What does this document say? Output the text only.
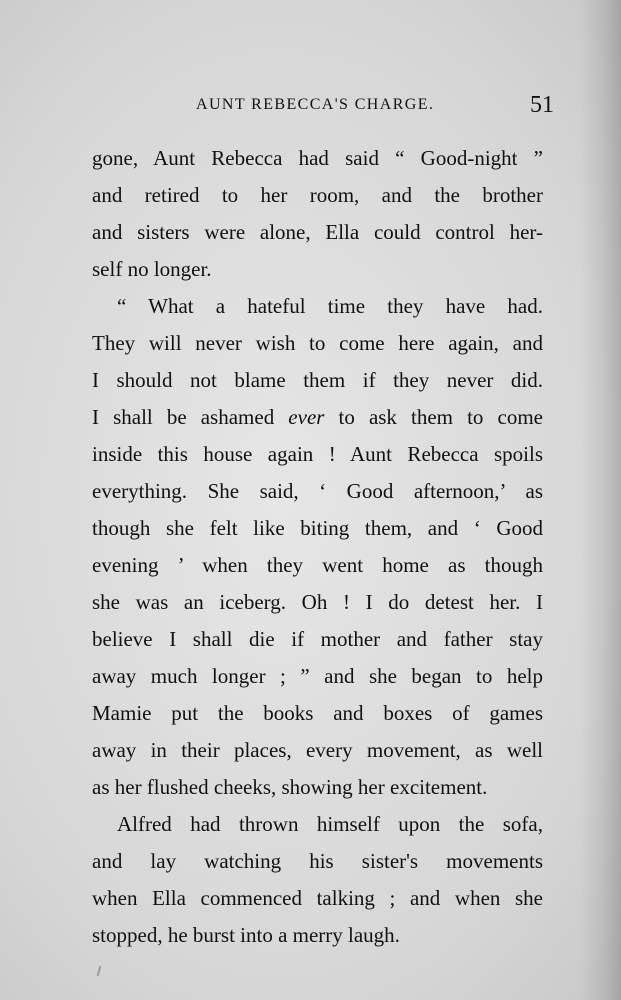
AUNT REBECCA'S CHARGE.	51
gone, Aunt Rebecca had said “ Good-night ”
and retired to her room, and the brother
and sisters were alone, Ella could control her-
self no longer.
“ What a hateful time they have had.
They will never wish to come here again, and
I should not blame them if they never did.
I shall be ashamed ever to ask them to come
inside this house again ! Aunt Rebecca spoils
everything. She said, ‘ Good afternoon,’ as
though she felt like biting them, and ‘ Good
evening ’ when they went home as though
she was an iceberg. Oh ! I do detest her. I
believe I shall die if mother and father stay
away much longer ; ” and she began to help
Mamie put the books and boxes of games
away in their places, every movement, as well
as her flushed cheeks, showing her excitement.
Alfred had thrown himself upon the sofa,
and lay watching his sister's movements
when Ella commenced talking ; and when she
stopped, he burst into a merry laugh.
